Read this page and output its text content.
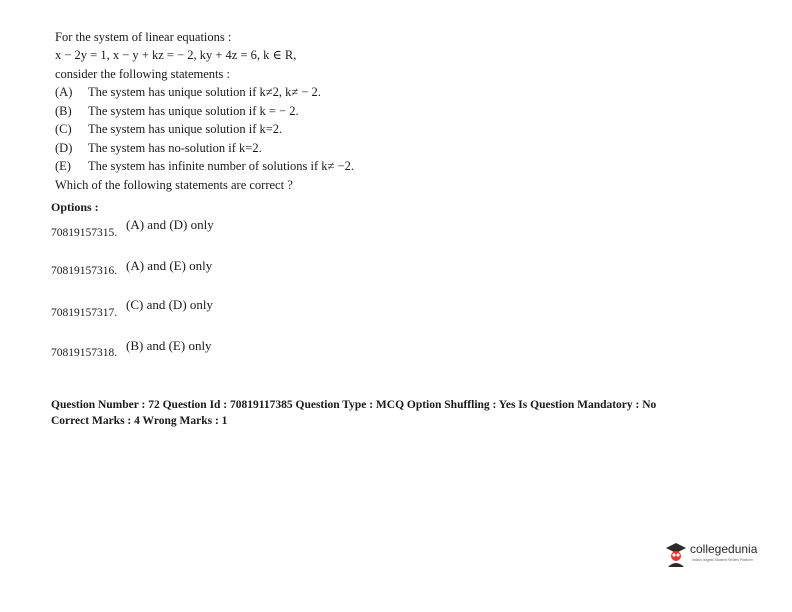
For the system of linear equations :
x − 2y = 1, x − y + kz = − 2, ky + 4z = 6, k ∈ R,
consider the following statements :
(A) The system has unique solution if k≠2, k≠ − 2.
(B) The system has unique solution if k = − 2.
(C) The system has unique solution if k=2.
(D) The system has no-solution if k=2.
(E) The system has infinite number of solutions if k≠ −2.
Which of the following statements are correct ?
Options :
70819157315.
(A) and (D) only
70819157316. (A) and (E) only
70819157317.
(C) and (D) only
70819157318. (B) and (E) only
Question Number : 72 Question Id : 70819117385 Question Type : MCQ Option Shuffling : Yes Is Question Mandatory : No
Correct Marks : 4 Wrong Marks : 1
collegedunia
India's largest Student Review Platform
